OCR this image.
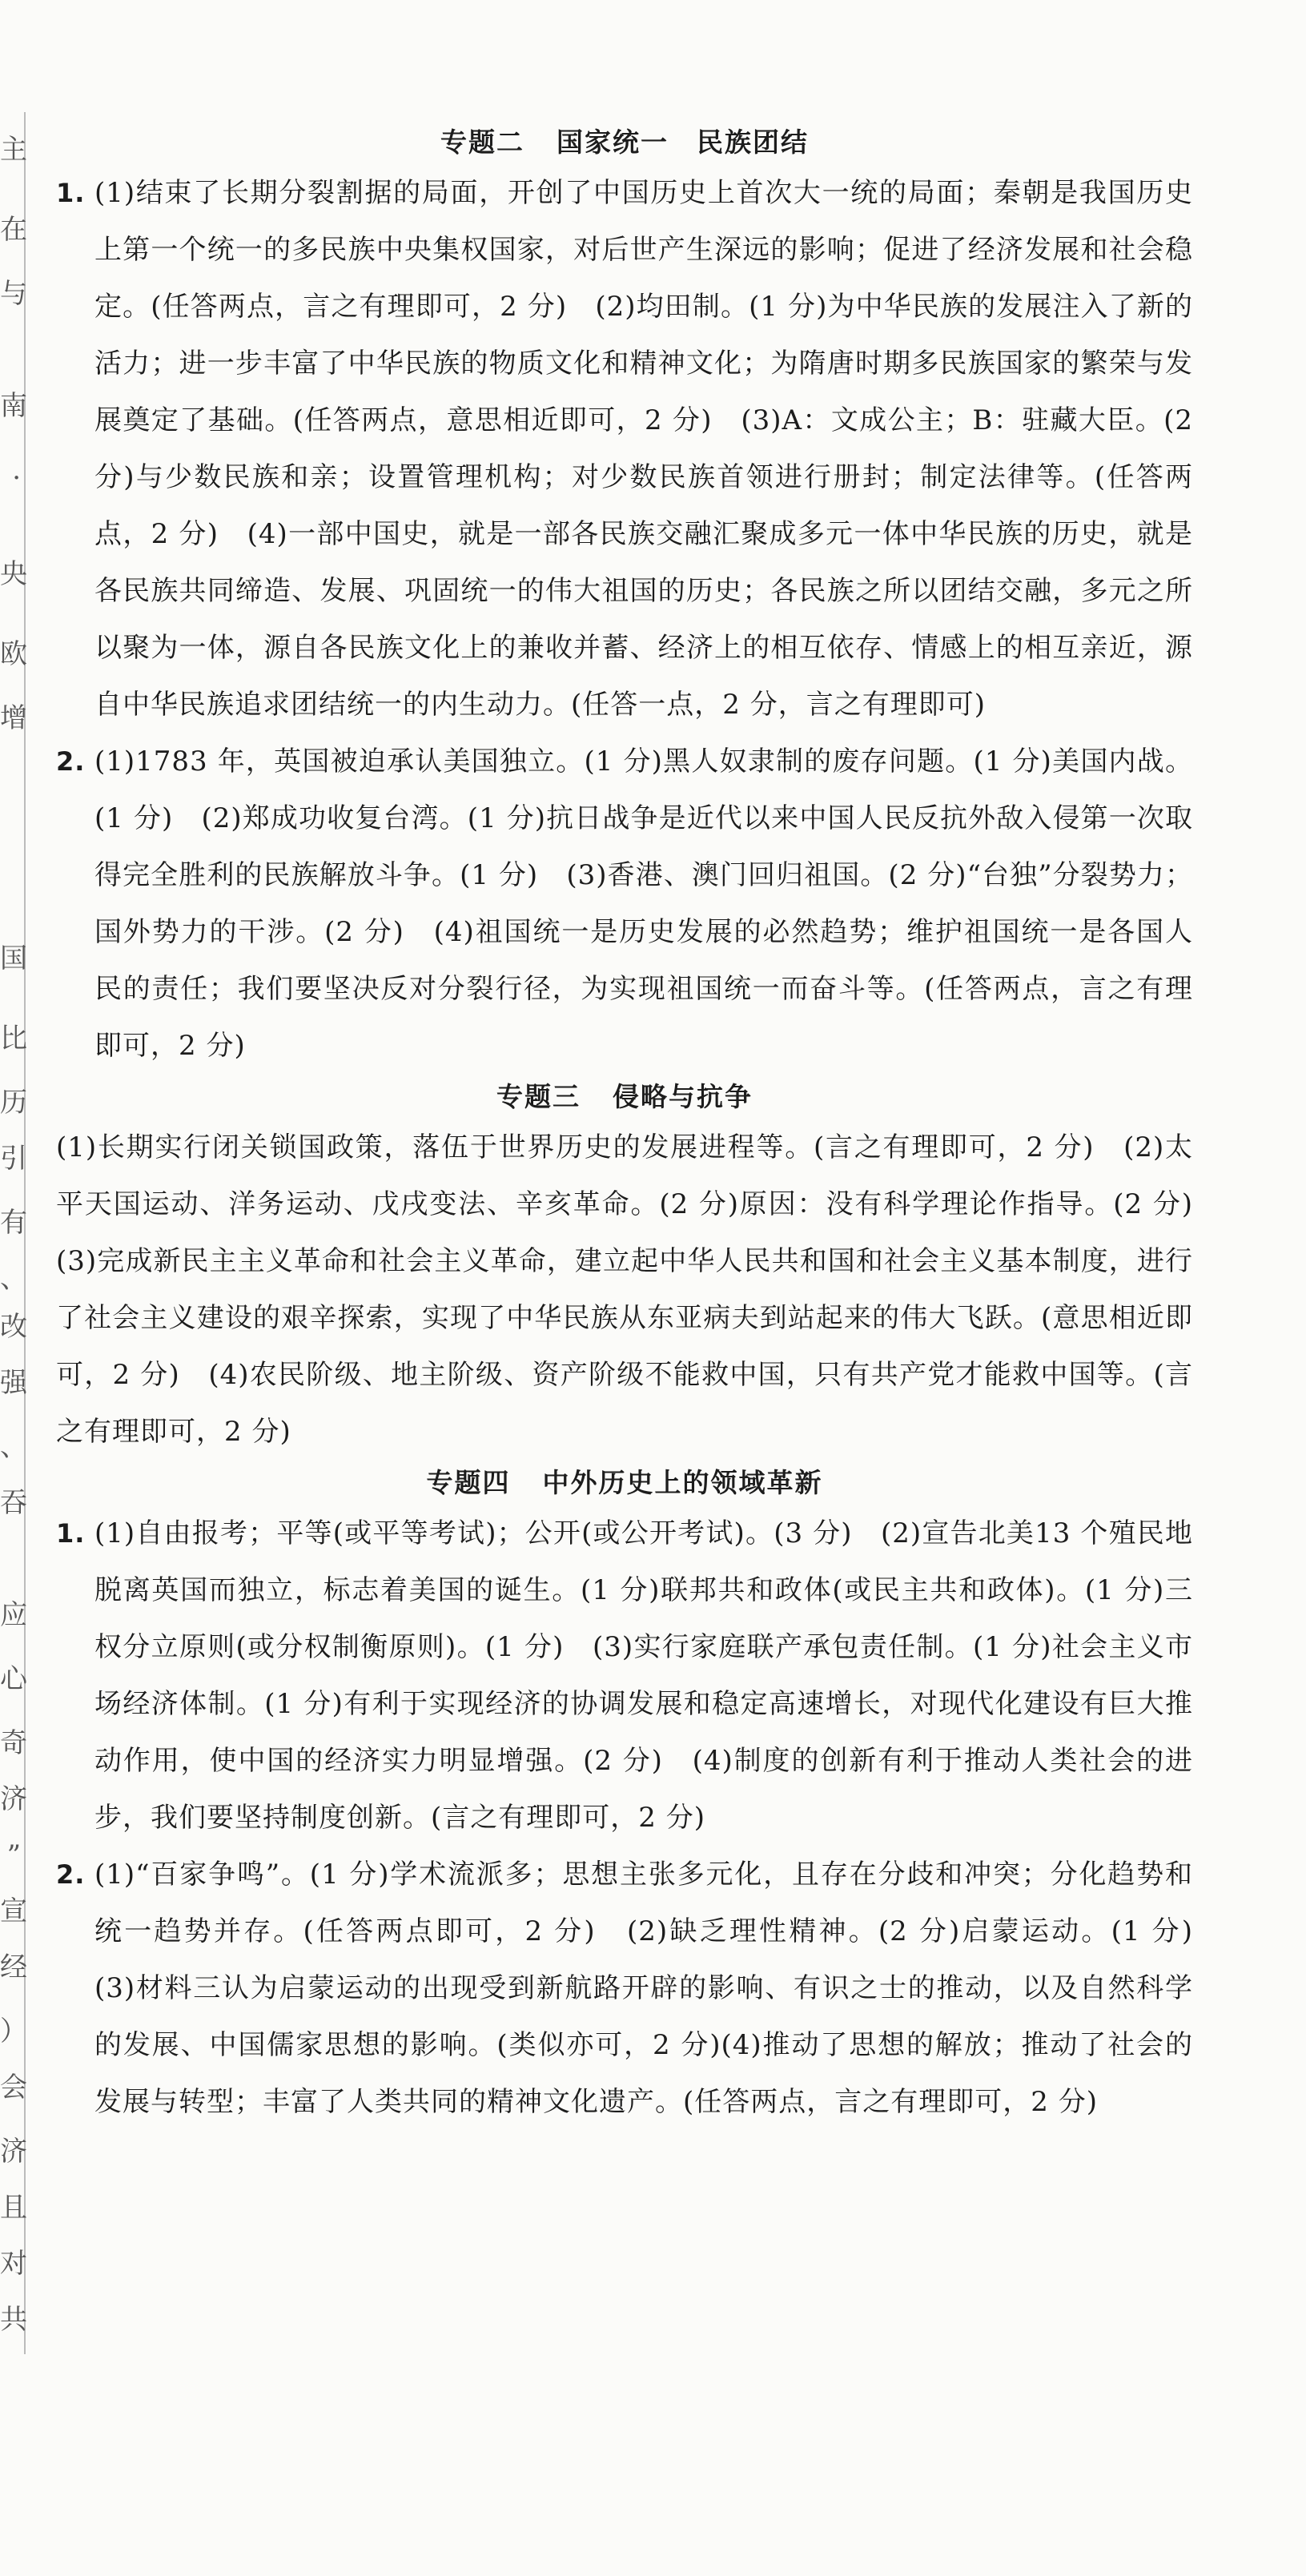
主
在
与
南
·
央
欧
增
国
比
历
引
有
、
改
强
、
吞
应
心
奇
济
”
宣
经
）
会
济
且
对
共
专题二 国家统一　民族团结
1. (1)结束了长期分裂割据的局面，开创了中国历史上首次大一统的局面；秦朝是我国历史上第一个统一的多民族中央集权国家，对后世产生深远的影响；促进了经济发展和社会稳定。(任答两点，言之有理即可，2 分)　(2)均田制。(1 分)为中华民族的发展注入了新的活力；进一步丰富了中华民族的物质文化和精神文化；为隋唐时期多民族国家的繁荣与发展奠定了基础。(任答两点，意思相近即可，2 分)　(3)A：文成公主；B：驻藏大臣。(2 分)与少数民族和亲；设置管理机构；对少数民族首领进行册封；制定法律等。(任答两点，2 分)　(4)一部中国史，就是一部各民族交融汇聚成多元一体中华民族的历史，就是各民族共同缔造、发展、巩固统一的伟大祖国的历史；各民族之所以团结交融，多元之所以聚为一体，源自各民族文化上的兼收并蓄、经济上的相互依存、情感上的相互亲近，源自中华民族追求团结统一的内生动力。(任答一点，2 分，言之有理即可)

2. (1)1783 年，英国被迫承认美国独立。(1 分)黑人奴隶制的废存问题。(1 分)美国内战。(1 分)　(2)郑成功收复台湾。(1 分)抗日战争是近代以来中国人民反抗外敌入侵第一次取得完全胜利的民族解放斗争。(1 分)　(3)香港、澳门回归祖国。(2 分)“台独”分裂势力；国外势力的干涉。(2 分)　(4)祖国统一是历史发展的必然趋势；维护祖国统一是各国人民的责任；我们要坚决反对分裂行径，为实现祖国统一而奋斗等。(任答两点，言之有理即可，2 分)

专题三 侵略与抗争

(1)长期实行闭关锁国政策，落伍于世界历史的发展进程等。(言之有理即可，2 分)　(2)太平天国运动、洋务运动、戊戌变法、辛亥革命。(2 分)原因：没有科学理论作指导。(2 分)　(3)完成新民主主义革命和社会主义革命，建立起中华人民共和国和社会主义基本制度，进行了社会主义建设的艰辛探索，实现了中华民族从东亚病夫到站起来的伟大飞跃。(意思相近即可，2 分)　(4)农民阶级、地主阶级、资产阶级不能救中国，只有共产党才能救中国等。(言之有理即可，2 分)

专题四 中外历史上的领域革新
1. (1)自由报考；平等(或平等考试)；公开(或公开考试)。(3 分)　(2)宣告北美13 个殖民地脱离英国而独立，标志着美国的诞生。(1 分)联邦共和政体(或民主共和政体)。(1 分)三权分立原则(或分权制衡原则)。(1 分)　(3)实行家庭联产承包责任制。(1 分)社会主义市场经济体制。(1 分)有利于实现经济的协调发展和稳定高速增长，对现代化建设有巨大推动作用，使中国的经济实力明显增强。(2 分)　(4)制度的创新有利于推动人类社会的进步，我们要坚持制度创新。(言之有理即可，2 分)

2. (1)“百家争鸣”。(1 分)学术流派多；思想主张多元化，且存在分歧和冲突；分化趋势和统一趋势并存。(任答两点即可，2 分)　(2)缺乏理性精神。(2 分)启蒙运动。(1 分)　(3)材料三认为启蒙运动的出现受到新航路开辟的影响、有识之士的推动，以及自然科学的发展、中国儒家思想的影响。(类似亦可，2 分)(4)推动了思想的解放；推动了社会的发展与转型；丰富了人类共同的精神文化遗产。(任答两点，言之有理即可，2 分)
